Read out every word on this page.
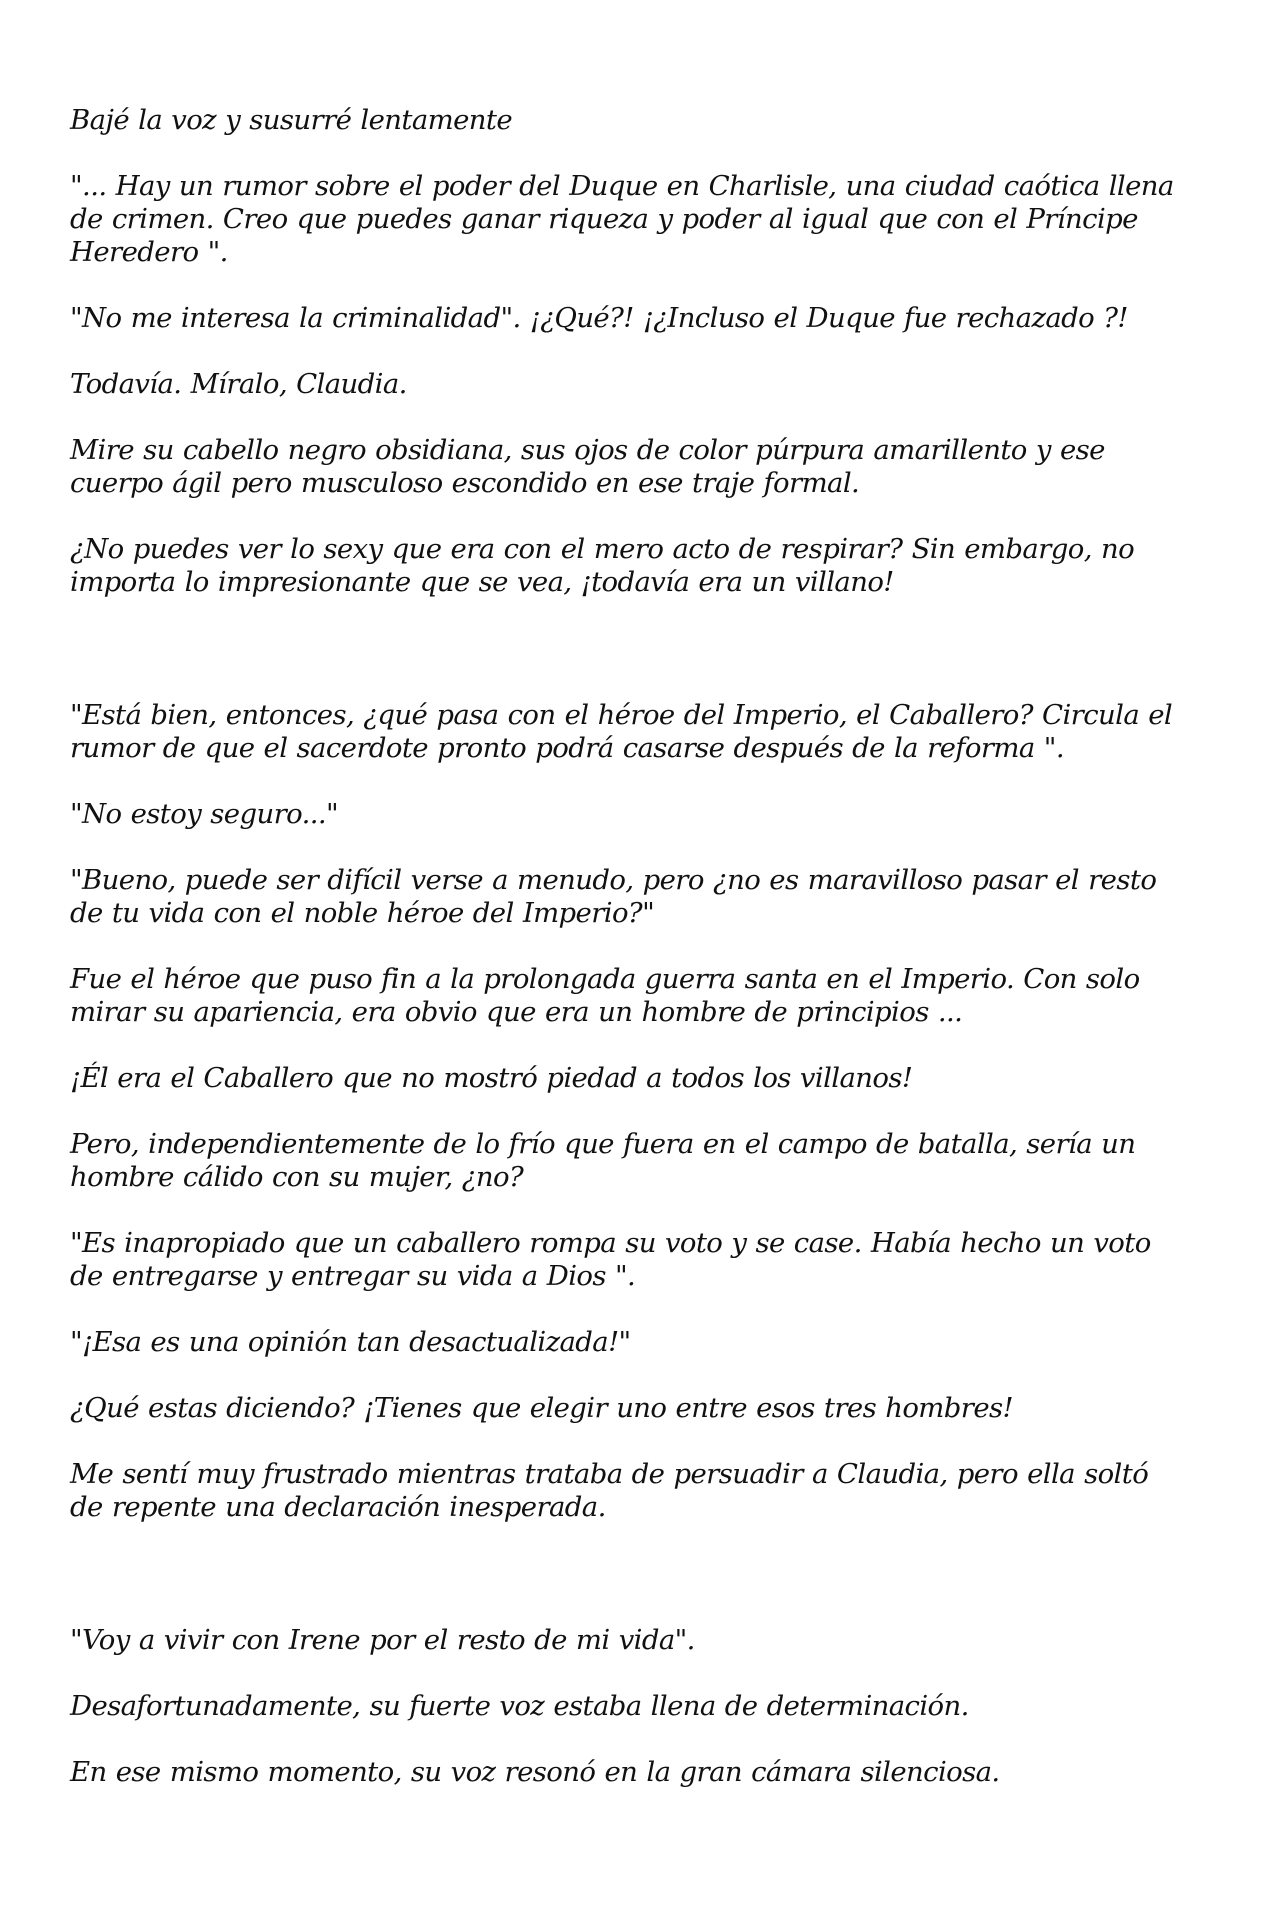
Bajé la voz y susurré lentamente

"... Hay un rumor sobre el poder del Duque en Charlisle, una ciudad caótica llena de crimen. Creo que puedes ganar riqueza y poder al igual que con el Príncipe Heredero ".

"No me interesa la criminalidad". ¡¿Qué?! ¡¿Incluso el Duque fue rechazado ?!

Todavía. Míralo, Claudia.

Mire su cabello negro obsidiana, sus ojos de color púrpura amarillento y ese cuerpo ágil pero musculoso escondido en ese traje formal.

¿No puedes ver lo sexy que era con el mero acto de respirar? Sin embargo, no importa lo impresionante que se vea, ¡todavía era un villano!

"Está bien, entonces, ¿qué pasa con el héroe del Imperio, el Caballero? Circula el rumor de que el sacerdote pronto podrá casarse después de la reforma ".

"No estoy seguro..."

"Bueno, puede ser difícil verse a menudo, pero ¿no es maravilloso pasar el resto de tu vida con el noble héroe del Imperio?"

Fue el héroe que puso fin a la prolongada guerra santa en el Imperio. Con solo mirar su apariencia, era obvio que era un hombre de principios ...

¡Él era el Caballero que no mostró piedad a todos los villanos!

Pero, independientemente de lo frío que fuera en el campo de batalla, sería un hombre cálido con su mujer, ¿no?

"Es inapropiado que un caballero rompa su voto y se case. Había hecho un voto de entregarse y entregar su vida a Dios ".

"¡Esa es una opinión tan desactualizada!"

¿Qué estas diciendo? ¡Tienes que elegir uno entre esos tres hombres!

Me sentí muy frustrado mientras trataba de persuadir a Claudia, pero ella soltó de repente una declaración inesperada.

"Voy a vivir con Irene por el resto de mi vida".

Desafortunadamente, su fuerte voz estaba llena de determinación.

En ese mismo momento, su voz resonó en la gran cámara silenciosa.
